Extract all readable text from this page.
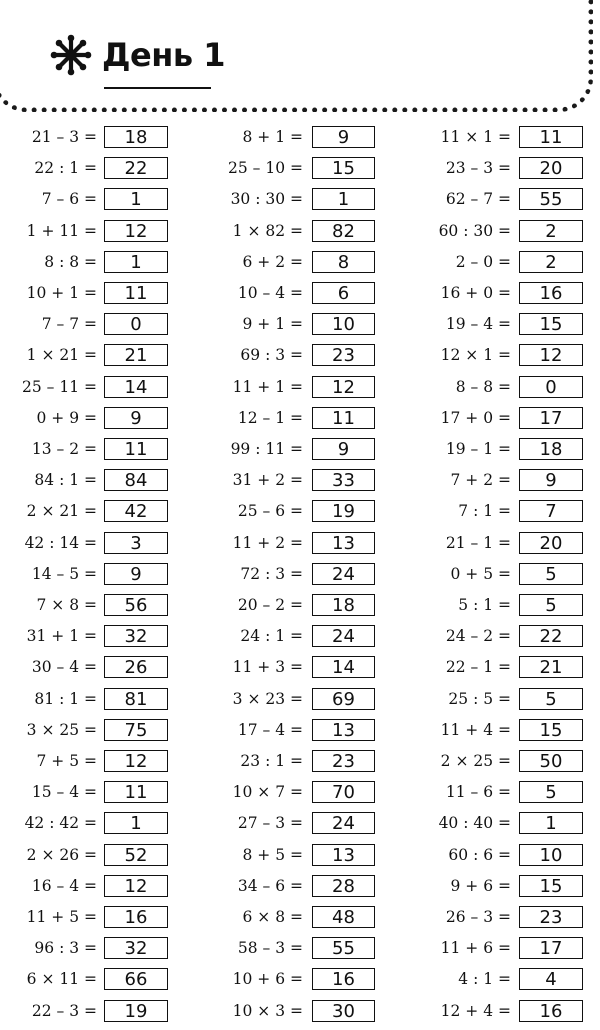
День 1
21 – 3 =	18	8 + 1 =	9	11 × 1 =	11
22 : 1 =	22	25 – 10 =	15	23 – 3 =	20
7 – 6 =	1	30 : 30 =	1	62 – 7 =	55
1 + 11 =	12	1 × 82 =	82	60 : 30 =	2
8 : 8 =	1	6 + 2 =	8	2 – 0 =	2
10 + 1 =	11	10 – 4 =	6	16 + 0 =	16
7 – 7 =	0	9 + 1 =	10	19 – 4 =	15
1 × 21 =	21	69 : 3 =	23	12 × 1 =	12
25 – 11 =	14	11 + 1 =	12	8 – 8 =	0
0 + 9 =	9	12 – 1 =	11	17 + 0 =	17
13 – 2 =	11	99 : 11 =	9	19 – 1 =	18
84 : 1 =	84	31 + 2 =	33	7 + 2 =	9
2 × 21 =	42	25 – 6 =	19	7 : 1 =	7
42 : 14 =	3	11 + 2 =	13	21 – 1 =	20
14 – 5 =	9	72 : 3 =	24	0 + 5 =	5
7 × 8 =	56	20 – 2 =	18	5 : 1 =	5
31 + 1 =	32	24 : 1 =	24	24 – 2 =	22
30 – 4 =	26	11 + 3 =	14	22 – 1 =	21
81 : 1 =	81	3 × 23 =	69	25 : 5 =	5
3 × 25 =	75	17 – 4 =	13	11 + 4 =	15
7 + 5 =	12	23 : 1 =	23	2 × 25 =	50
15 – 4 =	11	10 × 7 =	70	11 – 6 =	5
42 : 42 =	1	27 – 3 =	24	40 : 40 =	1
2 × 26 =	52	8 + 5 =	13	60 : 6 =	10
16 – 4 =	12	34 – 6 =	28	9 + 6 =	15
11 + 5 =	16	6 × 8 =	48	26 – 3 =	23
96 : 3 =	32	58 – 3 =	55	11 + 6 =	17
6 × 11 =	66	10 + 6 =	16	4 : 1 =	4
22 – 3 =	19	10 × 3 =	30	12 + 4 =	16
